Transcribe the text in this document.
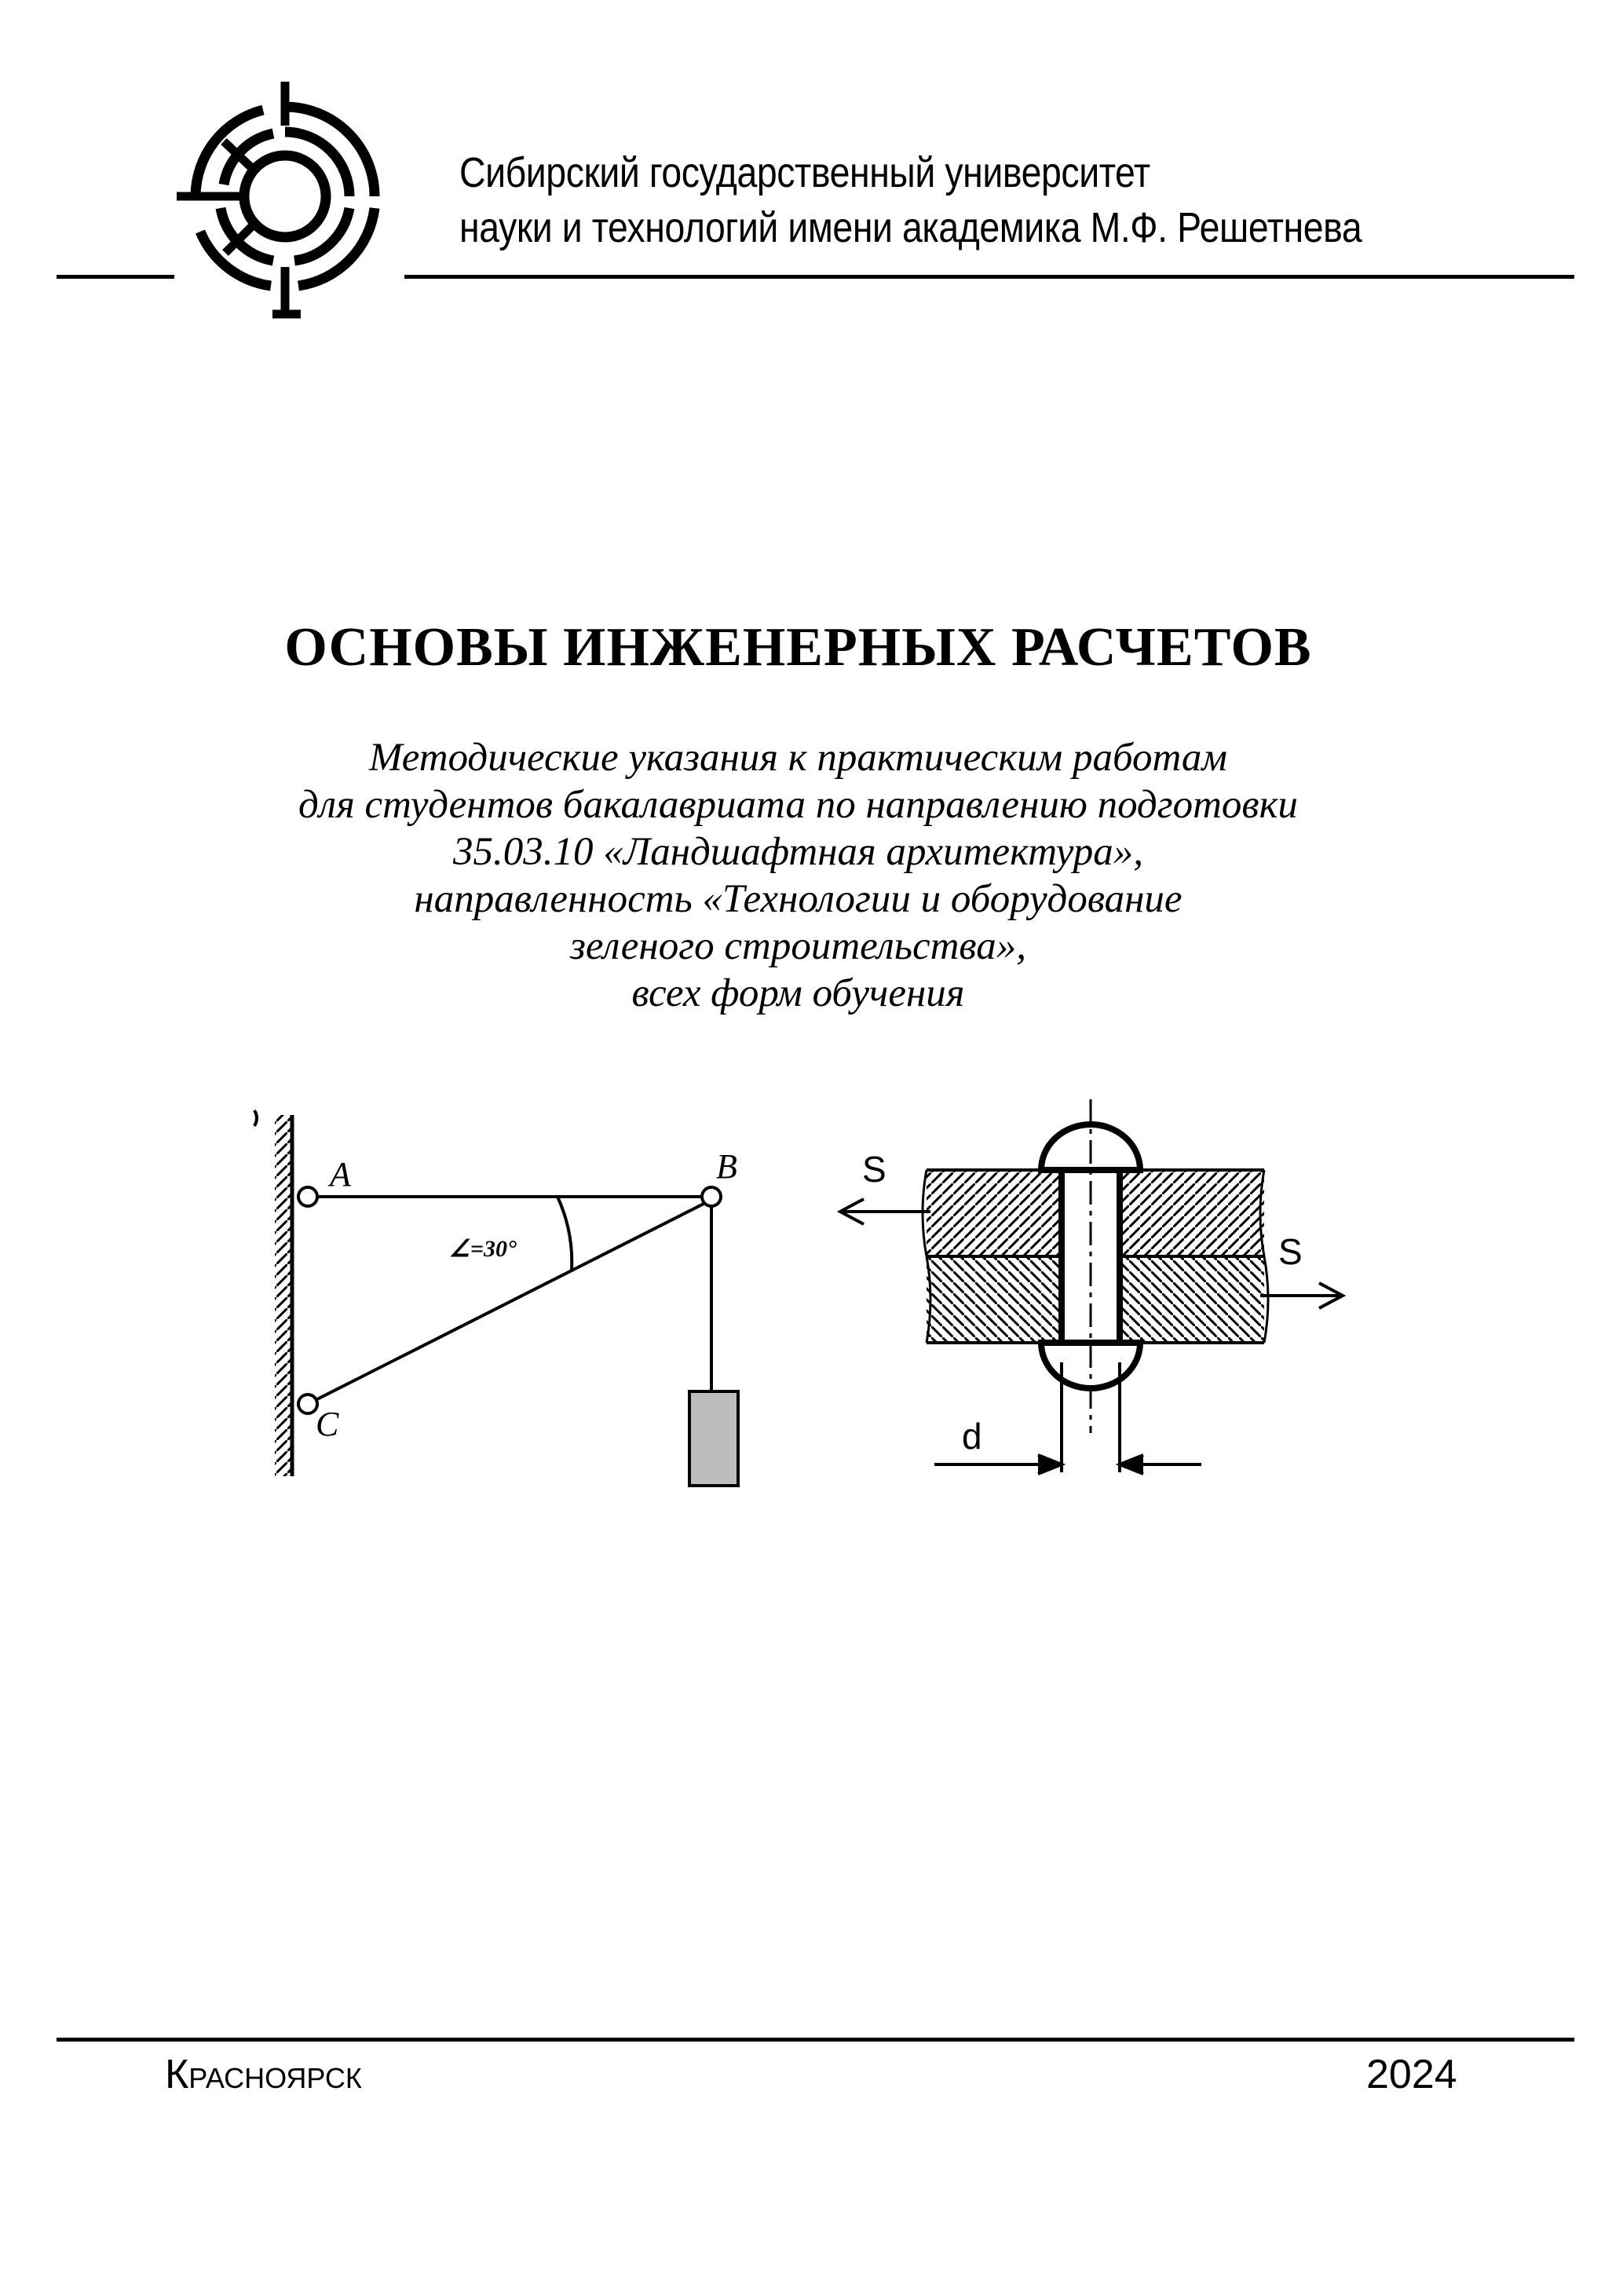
Сибирский государственный университет
науки и технологий имени академика М.Ф. Решетнева
ОСНОВЫ ИНЖЕНЕРНЫХ РАСЧЕТОВ
Методические указания к практическим работам
для студентов бакалавриата по направлению подготовки
35.03.10 «Ландшафтная архитектура»,
направленность «Технологии и оборудование
зеленого строительства»,
всех форм обучения
A	B
C
∠=30°
S
S
d
Красноярск	2024
